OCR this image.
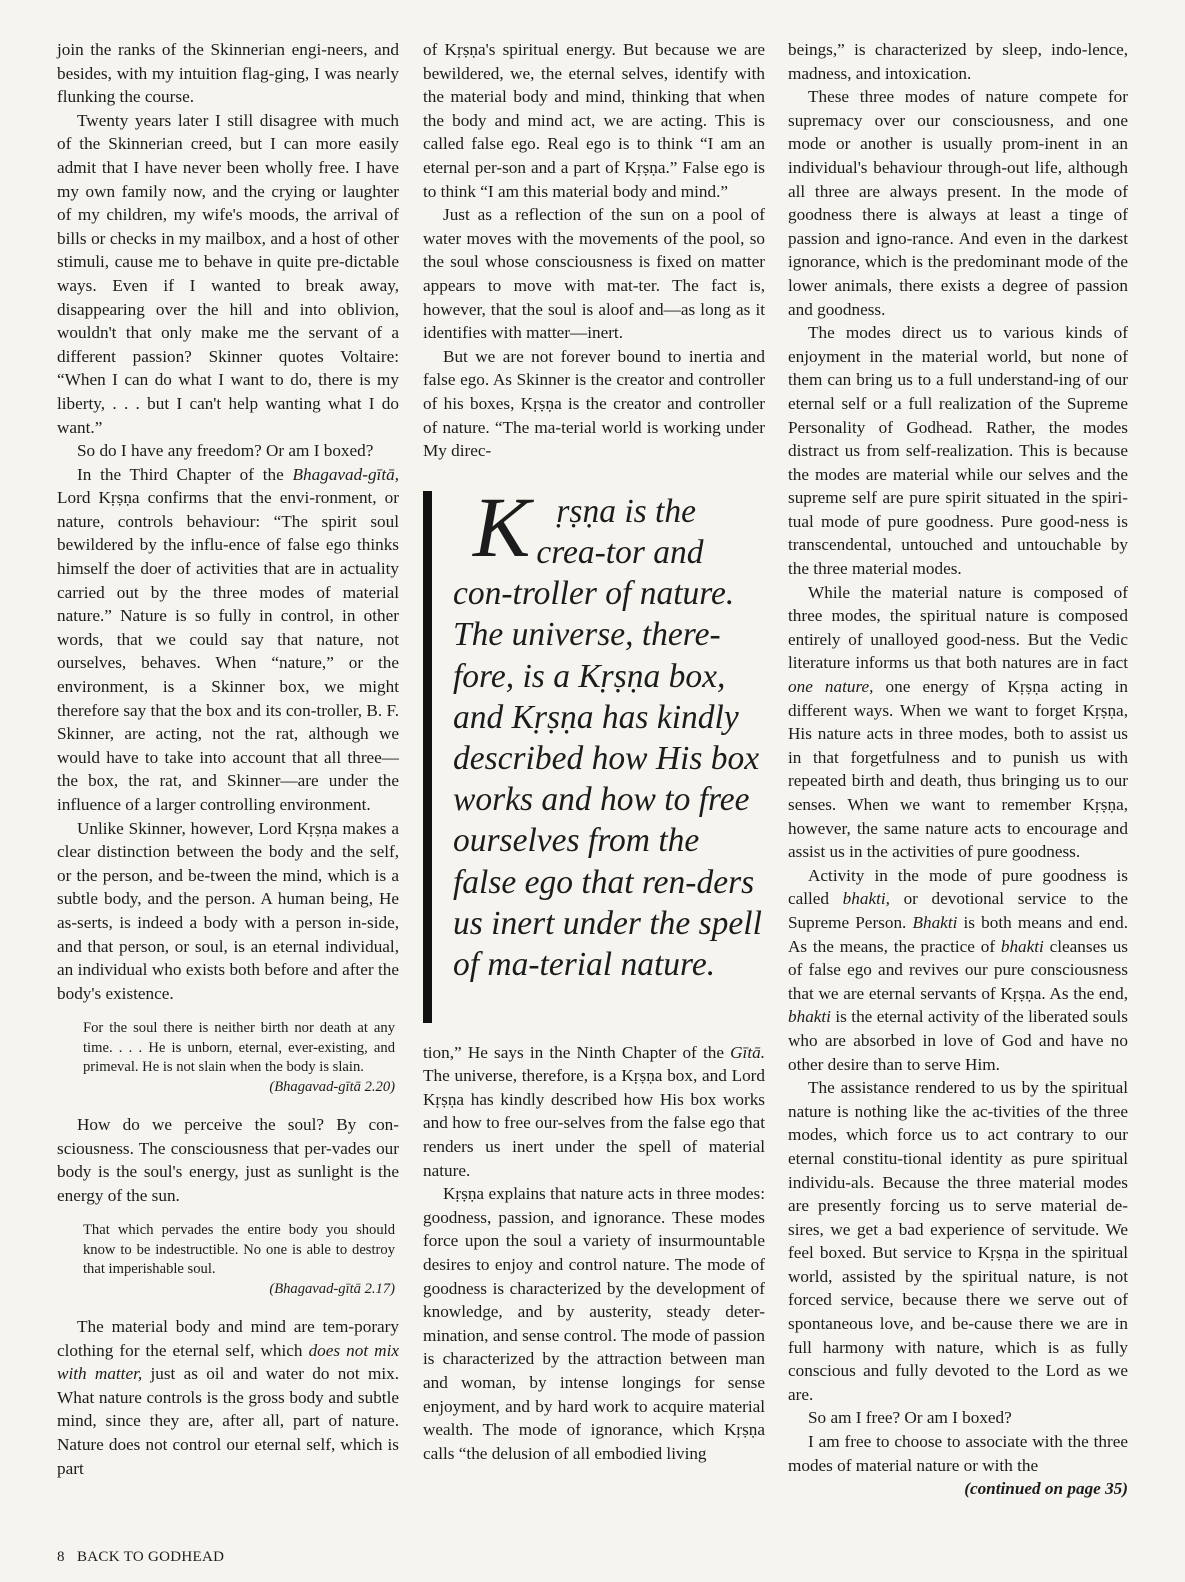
join the ranks of the Skinnerian engi-neers, and besides, with my intuition flag-ging, I was nearly flunking the course.

Twenty years later I still disagree with much of the Skinnerian creed, but I can more easily admit that I have never been wholly free. I have my own family now, and the crying or laughter of my children, my wife's moods, the arrival of bills or checks in my mailbox, and a host of other stimuli, cause me to behave in quite pre-dictable ways. Even if I wanted to break away, disappearing over the hill and into oblivion, wouldn't that only make me the servant of a different passion? Skinner quotes Voltaire: “When I can do what I want to do, there is my liberty, . . . but I can't help wanting what I do want.”

So do I have any freedom? Or am I boxed?

In the Third Chapter of the Bhagavad-gītā, Lord Kṛṣṇa confirms that the envi-ronment, or nature, controls behaviour: “The spirit soul bewildered by the influ-ence of false ego thinks himself the doer of activities that are in actuality carried out by the three modes of material nature.” Nature is so fully in control, in other words, that we could say that nature, not ourselves, behaves. When “nature,” or the environment, is a Skinner box, we might therefore say that the box and its con-troller, B. F. Skinner, are acting, not the rat, although we would have to take into account that all three—the box, the rat, and Skinner—are under the influence of a larger controlling environment.

Unlike Skinner, however, Lord Kṛṣṇa makes a clear distinction between the body and the self, or the person, and be-tween the mind, which is a subtle body, and the person. A human being, He as-serts, is indeed a body with a person in-side, and that person, or soul, is an eternal individual, an individual who exists both before and after the body's existence.

For the soul there is neither birth nor death at any time. . . . He is unborn, eternal, ever-existing, and primeval. He is not slain when the body is slain.
(Bhagavad-gītā 2.20)

How do we perceive the soul? By con-sciousness. The consciousness that per-vades our body is the soul's energy, just as sunlight is the energy of the sun.

That which pervades the entire body you should know to be indestructible. No one is able to destroy that imperishable soul.
(Bhagavad-gītā 2.17)

The material body and mind are tem-porary clothing for the eternal self, which does not mix with matter, just as oil and water do not mix. What nature controls is the gross body and subtle mind, since they are, after all, part of nature. Nature does not control our eternal self, which is part

of Kṛṣṇa's spiritual energy. But because we are bewildered, we, the eternal selves, identify with the material body and mind, thinking that when the body and mind act, we are acting. This is called false ego. Real ego is to think “I am an eternal per-son and a part of Kṛṣṇa.” False ego is to think “I am this material body and mind.”

Just as a reflection of the sun on a pool of water moves with the movements of the pool, so the soul whose consciousness is fixed on matter appears to move with mat-ter. The fact is, however, that the soul is aloof and—as long as it identifies with matter—inert.

But we are not forever bound to inertia and false ego. As Skinner is the creator and controller of his boxes, Kṛṣṇa is the creator and controller of nature. “The ma-terial world is working under My direc-

Kṛṣṇa is the crea-tor and con-troller of nature. The universe, there-fore, is a Kṛṣṇa box, and Kṛṣṇa has kindly described how His box works and how to free ourselves from the false ego that ren-ders us inert under the spell of ma-terial nature.

tion,” He says in the Ninth Chapter of the Gītā. The universe, therefore, is a Kṛṣṇa box, and Lord Kṛṣṇa has kindly described how His box works and how to free our-selves from the false ego that renders us inert under the spell of material nature.

Kṛṣṇa explains that nature acts in three modes: goodness, passion, and ignorance. These modes force upon the soul a variety of insurmountable desires to enjoy and control nature. The mode of goodness is characterized by the development of knowledge, and by austerity, steady deter-mination, and sense control. The mode of passion is characterized by the attraction between man and woman, by intense longings for sense enjoyment, and by hard work to acquire material wealth. The mode of ignorance, which Kṛṣṇa calls “the delusion of all embodied living

beings,” is characterized by sleep, indo-lence, madness, and intoxication.

These three modes of nature compete for supremacy over our consciousness, and one mode or another is usually prom-inent in an individual's behaviour through-out life, although all three are always present. In the mode of goodness there is always at least a tinge of passion and igno-rance. And even in the darkest ignorance, which is the predominant mode of the lower animals, there exists a degree of passion and goodness.

The modes direct us to various kinds of enjoyment in the material world, but none of them can bring us to a full understand-ing of our eternal self or a full realization of the Supreme Personality of Godhead. Rather, the modes distract us from self-realization. This is because the modes are material while our selves and the supreme self are pure spirit situated in the spiri-tual mode of pure goodness. Pure good-ness is transcendental, untouched and untouchable by the three material modes.

While the material nature is composed of three modes, the spiritual nature is composed entirely of unalloyed good-ness. But the Vedic literature informs us that both natures are in fact one nature, one energy of Kṛṣṇa acting in different ways. When we want to forget Kṛṣṇa, His nature acts in three modes, both to assist us in that forgetfulness and to punish us with repeated birth and death, thus bringing us to our senses. When we want to remember Kṛṣṇa, however, the same nature acts to encourage and assist us in the activities of pure goodness.

Activity in the mode of pure goodness is called bhakti, or devotional service to the Supreme Person. Bhakti is both means and end. As the means, the practice of bhakti cleanses us of false ego and revives our pure consciousness that we are eternal servants of Kṛṣṇa. As the end, bhakti is the eternal activity of the liberated souls who are absorbed in love of God and have no other desire than to serve Him.

The assistance rendered to us by the spiritual nature is nothing like the ac-tivities of the three modes, which force us to act contrary to our eternal constitu-tional identity as pure spiritual individu-als. Because the three material modes are presently forcing us to serve material de-sires, we get a bad experience of servitude. We feel boxed. But service to Kṛṣṇa in the spiritual world, assisted by the spiritual nature, is not forced service, because there we serve out of spontaneous love, and be-cause there we are in full harmony with nature, which is as fully conscious and fully devoted to the Lord as we are.

So am I free? Or am I boxed?

I am free to choose to associate with the three modes of material nature or with the

(continued on page 35)

8 BACK TO GODHEAD
